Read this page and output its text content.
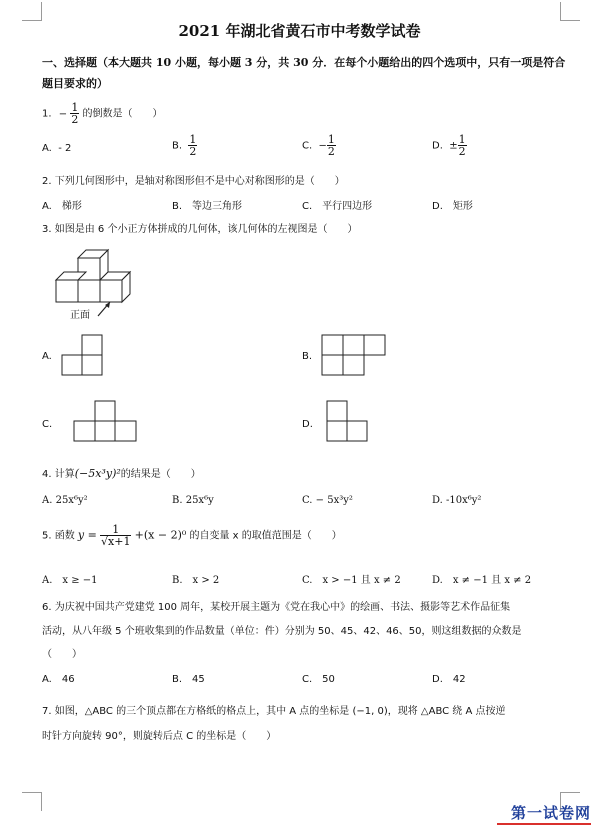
2021 年湖北省黄石市中考数学试卷
一、选择题（本大题共 10 小题，每小题 3 分，共 30 分．在每个小题给出的四个选项中，只有一项是符合题目要求的）
1. − $\frac{1}{2}$ 的倒数是（　　）
A. - 2	B. $\frac{1}{2}$	C. − $\frac{1}{2}$	D. ± $\frac{1}{2}$
2. 下列几何图形中，是轴对称图形但不是中心对称图形的是（　　）
A.　梯形	B.　等边三角形	C.　平行四边形	D.　矩形
3. 如图是由 6 个小正方体拼成的几何体，该几何体的左视图是（　　）
正面
A.	B.
C.	D.
4. 计算(−5x³y)²的结果是（　　）
A. 25x⁶y²	B. 25x⁶y	C. − 5x³y²	D. -10x⁶y²
5. 函数 $y = \frac{1}{√x+1} +(x - 2)^0$ 的自变量 x 的取值范围是（　　）
A.　x ≥ −1	B.　x > 2	C.　x > −1 且 x ≠ 2	D.　x ≠ −1 且 x ≠ 2
6. 为庆祝中国共产党建党 100 周年，某校开展主题为《党在我心中》的绘画、书法、摄影等艺术作品征集
活动，从八年级 5 个班收集到的作品数量（单位：件）分别为 50、45、42、46、50，则这组数据的众数是
（　　）
A.　46	B.　45	C.　50	D.　42
7. 如图，△ABC 的三个顶点都在方格纸的格点上，其中 A 点的坐标是 (−1, 0)，现将 △ABC 绕 A 点按逆
时针方向旋转 90°，则旋转后点 C 的坐标是（　　）
第一试卷网
